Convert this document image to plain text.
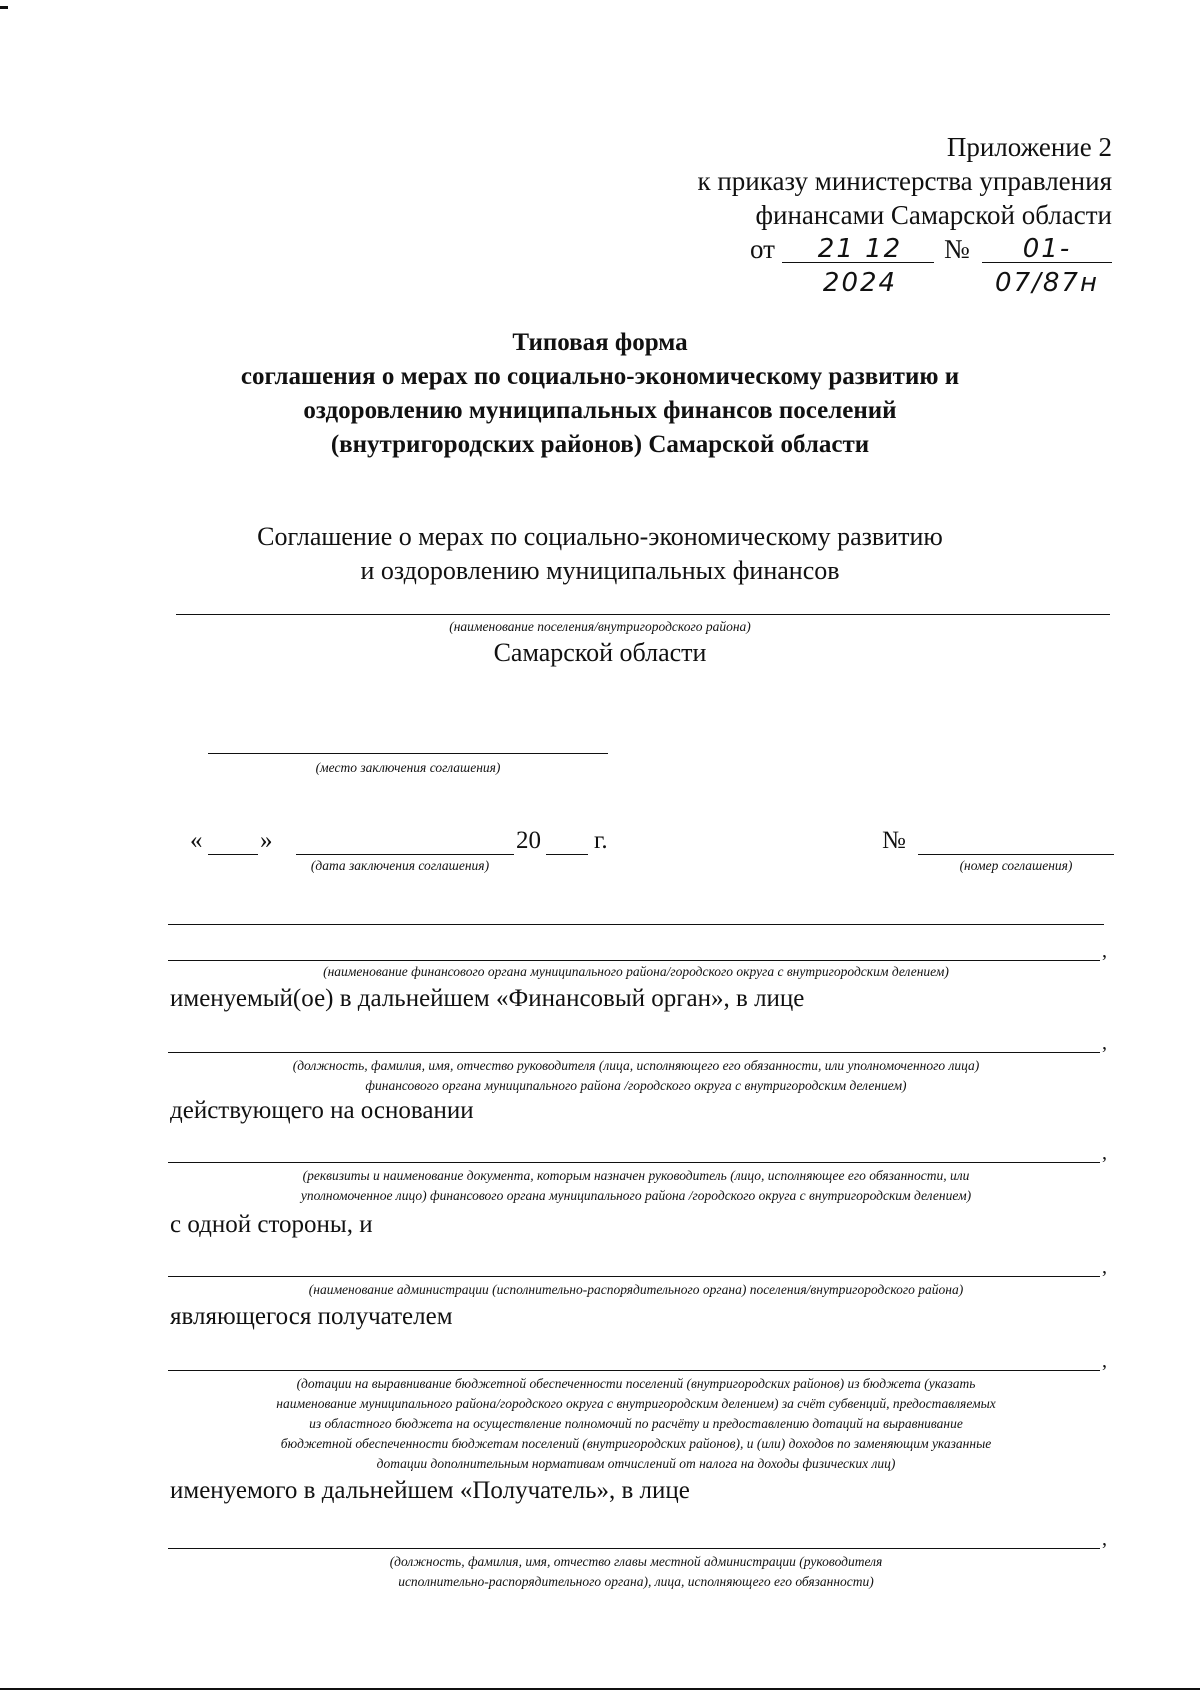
Приложение 2
к приказу министерства управления
финансами Самарской области
от	21 12 2024
№	01-07/87н
Типовая форма
соглашения о мерах по социально-экономическому развитию и
оздоровлению муниципальных финансов поселений
(внутригородских районов) Самарской области
Соглашение о мерах по социально-экономическому развитию
и оздоровлению муниципальных финансов
(наименование поселения/внутригородского района)
Самарской области
(место заключения соглашения)
« »	20 г.
(дата заключения соглашения)
№
(номер соглашения)
,
(наименование финансового органа муниципального района/городского округа с внутригородским делением)
именуемый(ое) в дальнейшем «Финансовый орган», в лице
,
(должность, фамилия, имя, отчество руководителя (лица, исполняющего его обязанности, или уполномоченного лица)
финансового органа муниципального района /городского округа с внутригородским делением)
действующего на основании
,
(реквизиты и наименование документа, которым назначен руководитель (лицо, исполняющее его обязанности, или
уполномоченное лицо) финансового органа муниципального района /городского округа с внутригородским делением)
с одной стороны, и
,
(наименование администрации (исполнительно-распорядительного органа) поселения/внутригородского района)
являющегося получателем
,
(дотации на выравнивание бюджетной обеспеченности поселений (внутригородских районов) из бюджета (указать
наименование муниципального района/городского округа с внутригородским делением) за счёт субвенций, предоставляемых
из областного бюджета на осуществление полномочий по расчёту и предоставлению дотаций на выравнивание
бюджетной обеспеченности бюджетам поселений (внутригородских районов), и (или) доходов по заменяющим указанные
дотации дополнительным нормативам отчислений от налога на доходы физических лиц)
именуемого в дальнейшем «Получатель», в лице
,
(должность, фамилия, имя, отчество главы местной администрации (руководителя
исполнительно-распорядительного органа), лица, исполняющего его обязанности)
